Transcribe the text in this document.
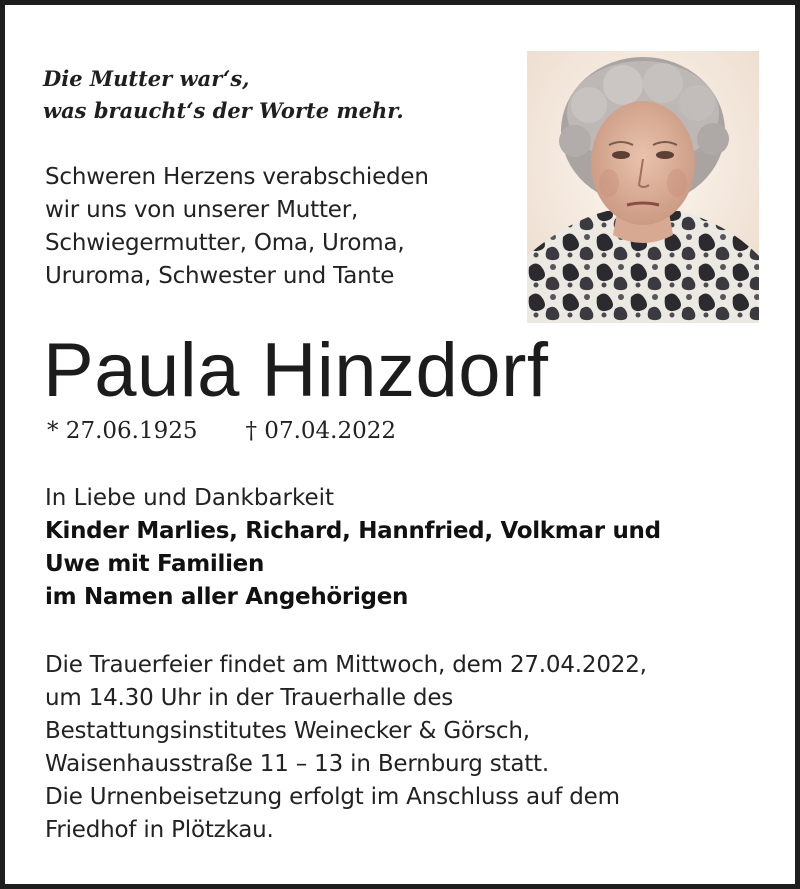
Die Mutter war‘s,
was braucht‘s der Worte mehr.
Schweren Herzens verabschieden
wir uns von unserer Mutter,
Schwiegermutter, Oma, Uroma,
Ururoma, Schwester und Tante
Paula Hinzdorf
* 27.06.1925 † 07.04.2022
In Liebe und Dankbarkeit
Kinder Marlies, Richard, Hannfried, Volkmar und
Uwe mit Familien
im Namen aller Angehörigen
Die Trauerfeier findet am Mittwoch, dem 27.04.2022,
um 14.30 Uhr in der Trauerhalle des
Bestattungsinstitutes Weinecker & Görsch,
Waisenhausstraße 11 – 13 in Bernburg statt.
Die Urnenbeisetzung erfolgt im Anschluss auf dem
Friedhof in Plötzkau.
